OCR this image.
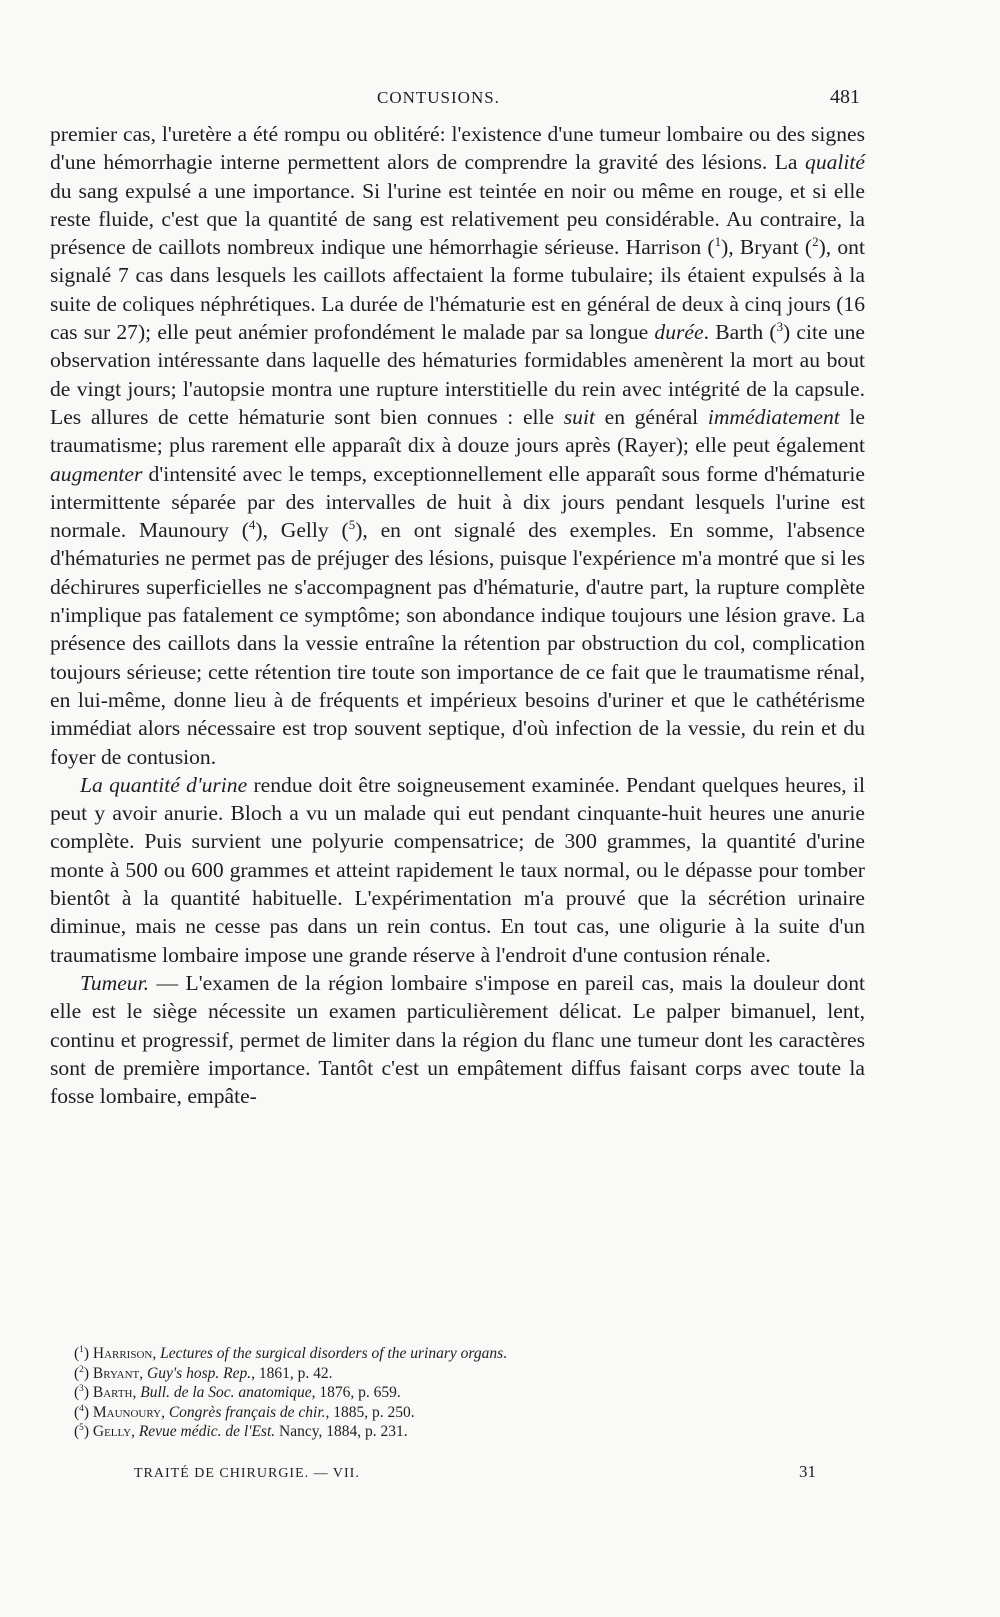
CONTUSIONS.	481

premier cas, l'uretère a été rompu ou oblitéré: l'existence d'une tumeur lombaire ou des signes d'une hémorrhagie interne permettent alors de comprendre la gravité des lésions. La qualité du sang expulsé a une importance. Si l'urine est teintée en noir ou même en rouge, et si elle reste fluide, c'est que la quantité de sang est relativement peu considérable. Au contraire, la présence de caillots nombreux indique une hémorrhagie sérieuse. Harrison ($^1$), Bryant ($^2$), ont signalé 7 cas dans lesquels les caillots affectaient la forme tubulaire; ils étaient expulsés à la suite de coliques néphrétiques. La durée de l'hématurie est en général de deux à cinq jours (16 cas sur 27); elle peut anémier profondément le malade par sa longue durée. Barth ($^3$) cite une observation intéressante dans laquelle des hématuries formidables amenèrent la mort au bout de vingt jours; l'autopsie montra une rupture interstitielle du rein avec intégrité de la capsule. Les allures de cette hématurie sont bien connues : elle suit en général immédiatement le traumatisme; plus rarement elle apparaît dix à douze jours après (Rayer); elle peut également augmenter d'intensité avec le temps, exceptionnellement elle apparaît sous forme d'hématurie intermittente séparée par des intervalles de huit à dix jours pendant lesquels l'urine est normale. Maunoury ($^4$), Gelly ($^5$), en ont signalé des exemples. En somme, l'absence d'hématuries ne permet pas de préjuger des lésions, puisque l'expérience m'a montré que si les déchirures superficielles ne s'accompagnent pas d'hématurie, d'autre part, la rupture complète n'implique pas fatalement ce symptôme; son abondance indique toujours une lésion grave. La présence des caillots dans la vessie entraîne la rétention par obstruction du col, complication toujours sérieuse; cette rétention tire toute son importance de ce fait que le traumatisme rénal, en lui-même, donne lieu à de fréquents et impérieux besoins d'uriner et que le cathétérisme immédiat alors nécessaire est trop souvent septique, d'où infection de la vessie, du rein et du foyer de contusion.

La quantité d'urine rendue doit être soigneusement examinée. Pendant quelques heures, il peut y avoir anurie. Bloch a vu un malade qui eut pendant cinquante-huit heures une anurie complète. Puis survient une polyurie compensatrice; de 300 grammes, la quantité d'urine monte à 500 ou 600 grammes et atteint rapidement le taux normal, ou le dépasse pour tomber bientôt à la quantité habituelle. L'expérimentation m'a prouvé que la sécrétion urinaire diminue, mais ne cesse pas dans un rein contus. En tout cas, une oligurie à la suite d'un traumatisme lombaire impose une grande réserve à l'endroit d'une contusion rénale.

Tumeur. — L'examen de la région lombaire s'impose en pareil cas, mais la douleur dont elle est le siège nécessite un examen particulièrement délicat. Le palper bimanuel, lent, continu et progressif, permet de limiter dans la région du flanc une tumeur dont les caractères sont de première importance. Tantôt c'est un empâtement diffus faisant corps avec toute la fosse lombaire, empâte-

($^1$) Harrison, Lectures of the surgical disorders of the urinary organs.
($^2$) Bryant, Guy's hosp. Rep., 1861, p. 42.
($^3$) Barth, Bull. de la Soc. anatomique, 1876, p. 659.
($^4$) Maunoury, Congrès français de chir., 1885, p. 250.
($^5$) Gelly, Revue médic. de l'Est. Nancy, 1884, p. 231.
TRAITÉ DE CHIRURGIE. — VII.	31
